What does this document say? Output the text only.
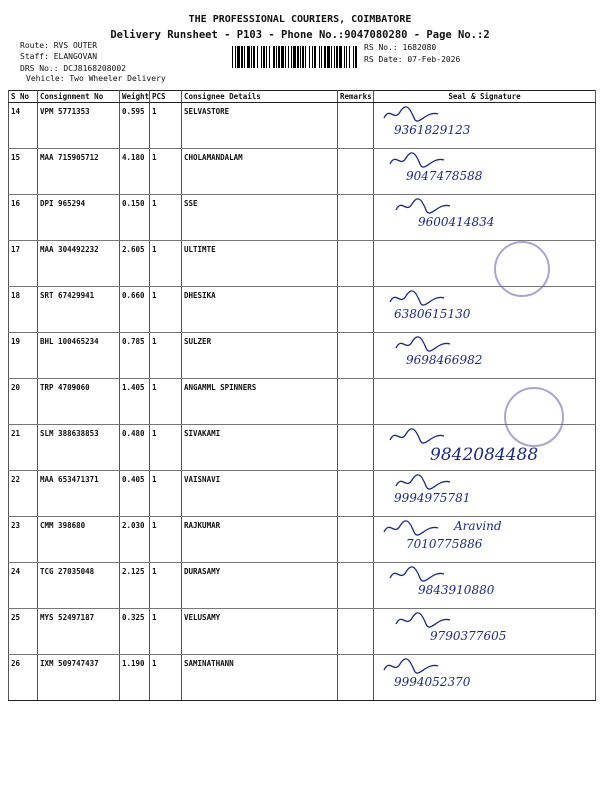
THE PROFESSIONAL COURIERS, COIMBATORE
Delivery Runsheet - P103 - Phone No.:9047080280 - Page No.:2
Route: RVS OUTER
Staff: ELANGOVAN
DRS No.: DCJ8168208002
Vehicle: Two Wheeler Delivery
RS No.: 1682080
RS Date: 07-Feb-2026
S No	Consignment No	Weight	PCS	Consignee Details	Remarks	Seal & Signature
14	VPM 5771353	0.595	1	SELVASTORE		9361829123

15	MAA 715905712	4.180	1	CHOLAMANDALAM		9047478588

16	DPI 965294	0.150	1	SSE		9600414834

17	MAA 304492232	2.605	1	ULTIMTE		

18	SRT 67429941	0.660	1	DHESIKA		6380615130

19	BHL 100465234	0.785	1	SULZER		9698466982

20	TRP 4709060	1.405	1	ANGAMML SPINNERS		

21	SLM 388638853	0.480	1	SIVAKAMI		9842084488

22	MAA 653471371	0.405	1	VAISNAVI		9994975781

23	CMM 398680	2.030	1	RAJKUMAR		Aravind
7010775886

24	TCG 27035048	2.125	1	DURASAMY		9843910880

25	MYS 52497187	0.325	1	VELUSAMY		9790377605

26	IXM 509747437	1.190	1	SAMINATHANN		9994052370
